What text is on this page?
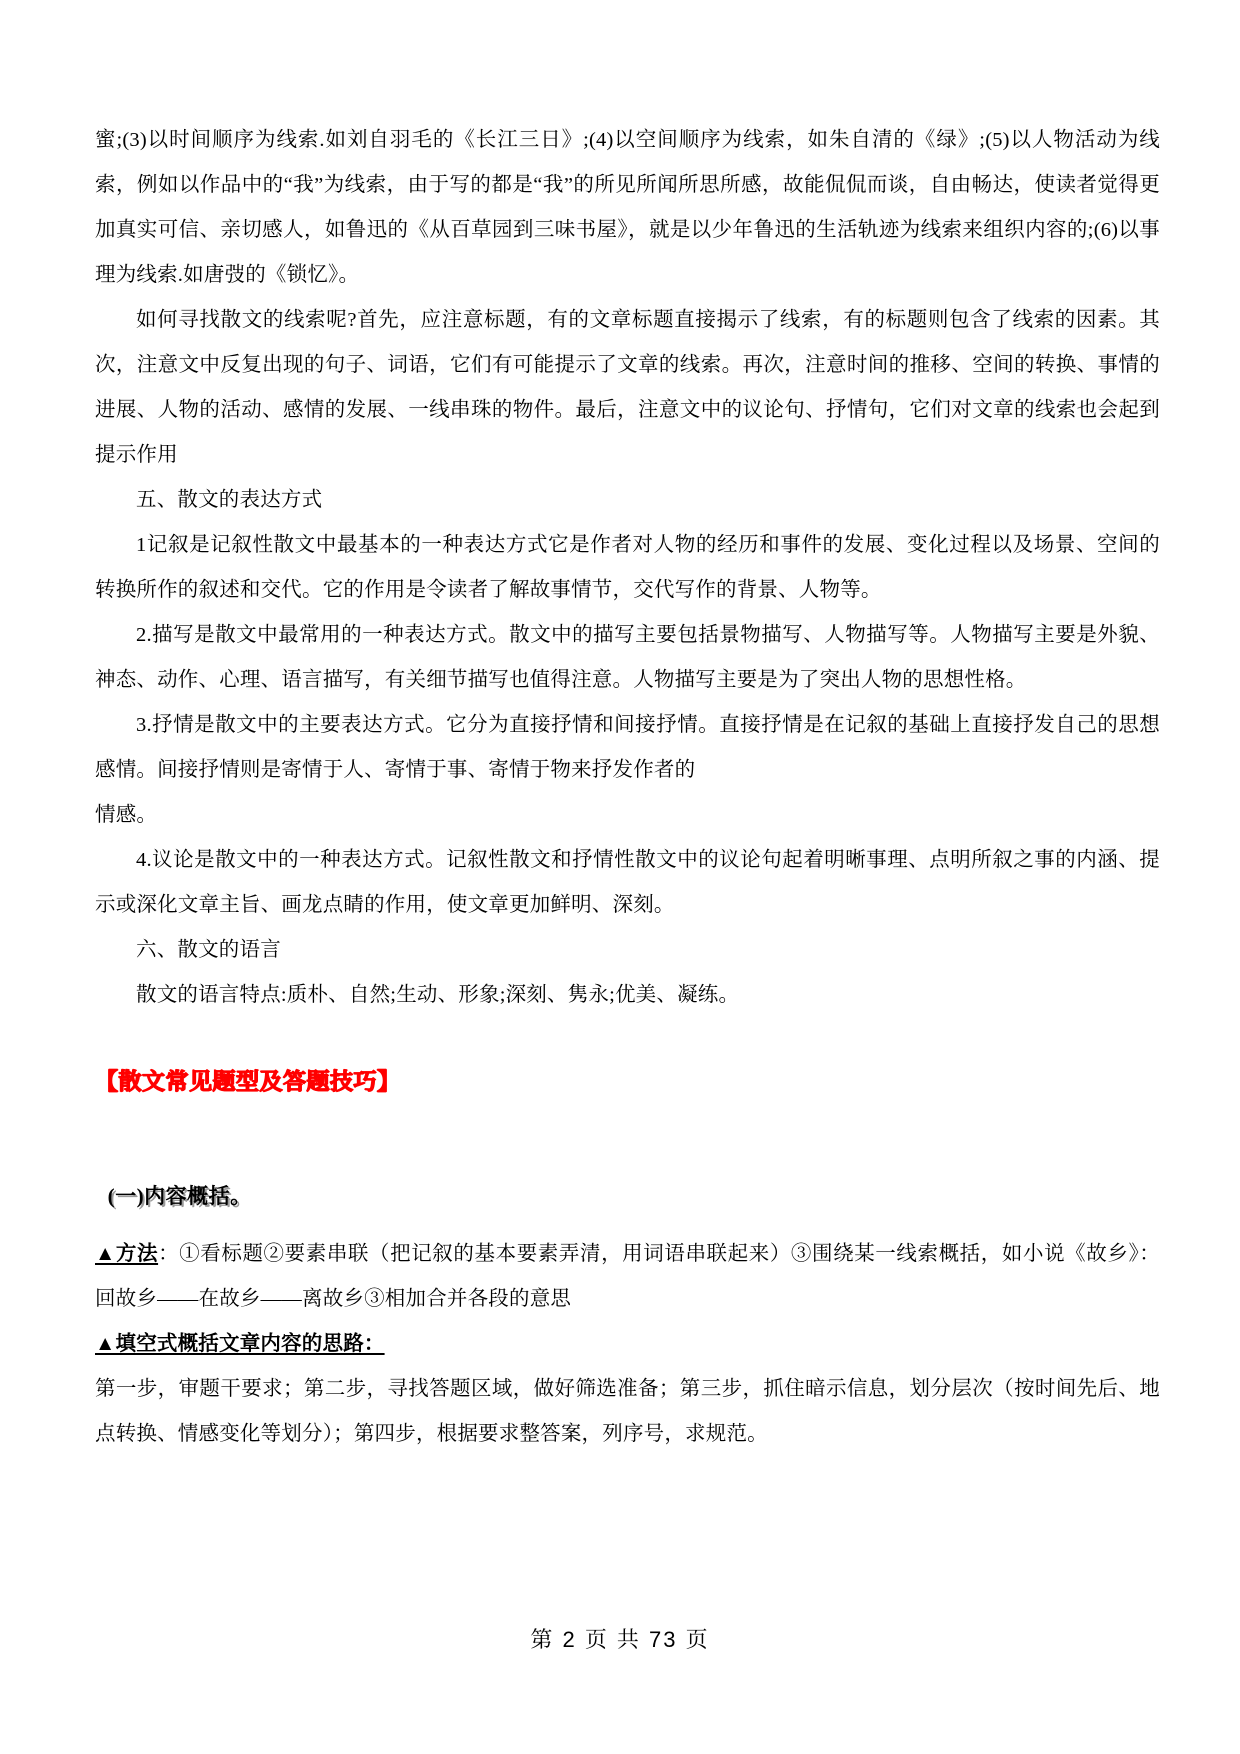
蜜;(3)以时间顺序为线索.如刘自羽毛的《长江三日》;(4)以空间顺序为线索，如朱自清的《绿》;(5)以人物活动为线索，例如以作品中的“我”为线索，由于写的都是“我”的所见所闻所思所感，故能侃侃而谈，自由畅达，使读者觉得更加真实可信、亲切感人，如鲁迅的《从百草园到三味书屋》，就是以少年鲁迅的生活轨迹为线索来组织内容的;(6)以事理为线索.如唐弢的《锁忆》。

如何寻找散文的线索呢?首先，应注意标题，有的文章标题直接揭示了线索，有的标题则包含了线索的因素。其次，注意文中反复出现的句子、词语，它们有可能提示了文章的线索。再次，注意时间的推移、空间的转换、事情的进展、人物的活动、感情的发展、一线串珠的物件。最后，注意文中的议论句、抒情句，它们对文章的线索也会起到提示作用

五、散文的表达方式

1记叙是记叙性散文中最基本的一种表达方式它是作者对人物的经历和事件的发展、变化过程以及场景、空间的转换所作的叙述和交代。它的作用是令读者了解故事情节，交代写作的背景、人物等。

2.描写是散文中最常用的一种表达方式。散文中的描写主要包括景物描写、人物描写等。人物描写主要是外貌、神态、动作、心理、语言描写，有关细节描写也值得注意。人物描写主要是为了突出人物的思想性格。

3.抒情是散文中的主要表达方式。它分为直接抒情和间接抒情。直接抒情是在记叙的基础上直接抒发自己的思想感情。间接抒情则是寄情于人、寄情于事、寄情于物来抒发作者的

情感。

4.议论是散文中的一种表达方式。记叙性散文和抒情性散文中的议论句起着明晰事理、点明所叙之事的内涵、提示或深化文章主旨、画龙点睛的作用，使文章更加鲜明、深刻。

六、散文的语言

散文的语言特点:质朴、自然;生动、形象;深刻、隽永;优美、凝练。

【散文常见题型及答题技巧】

(一)内容概括。

▲方法：①看标题②要素串联（把记叙的基本要素弄清，用词语串联起来）③围绕某一线索概括，如小说《故乡》：回故乡——在故乡——离故乡③相加合并各段的意思

▲填空式概括文章内容的思路：

第一步，审题干要求；第二步，寻找答题区域，做好筛选准备；第三步，抓住暗示信息，划分层次（按时间先后、地点转换、情感变化等划分）；第四步，根据要求整答案，列序号，求规范。

第 2 页 共 73 页
